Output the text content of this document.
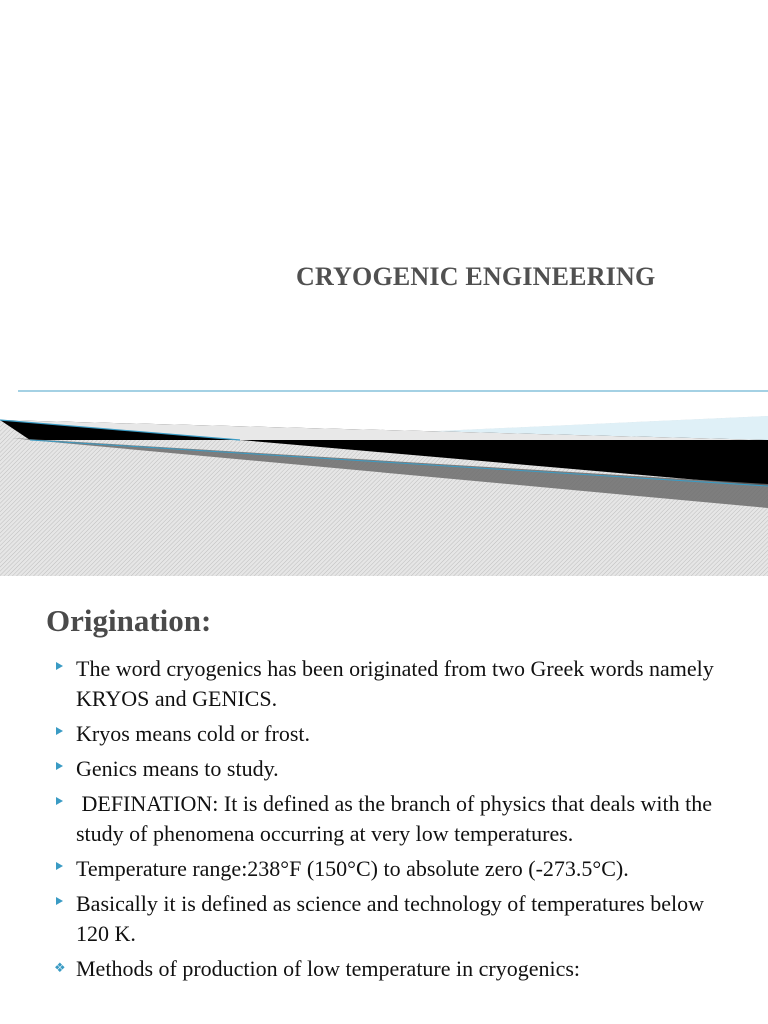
CRYOGENIC ENGINEERING
Origination:
The word cryogenics has been originated from two Greek words namely KRYOS and GENICS.
Kryos means cold or frost.
Genics means to study.
DEFINATION: It is defined as the branch of physics that deals with the study of phenomena occurring at very low temperatures.
Temperature range:238°F (150°C) to absolute zero (-273.5°C).
Basically it is defined as science and technology of temperatures below 120 K.
❖ Methods of production of low temperature in cryogenics:
